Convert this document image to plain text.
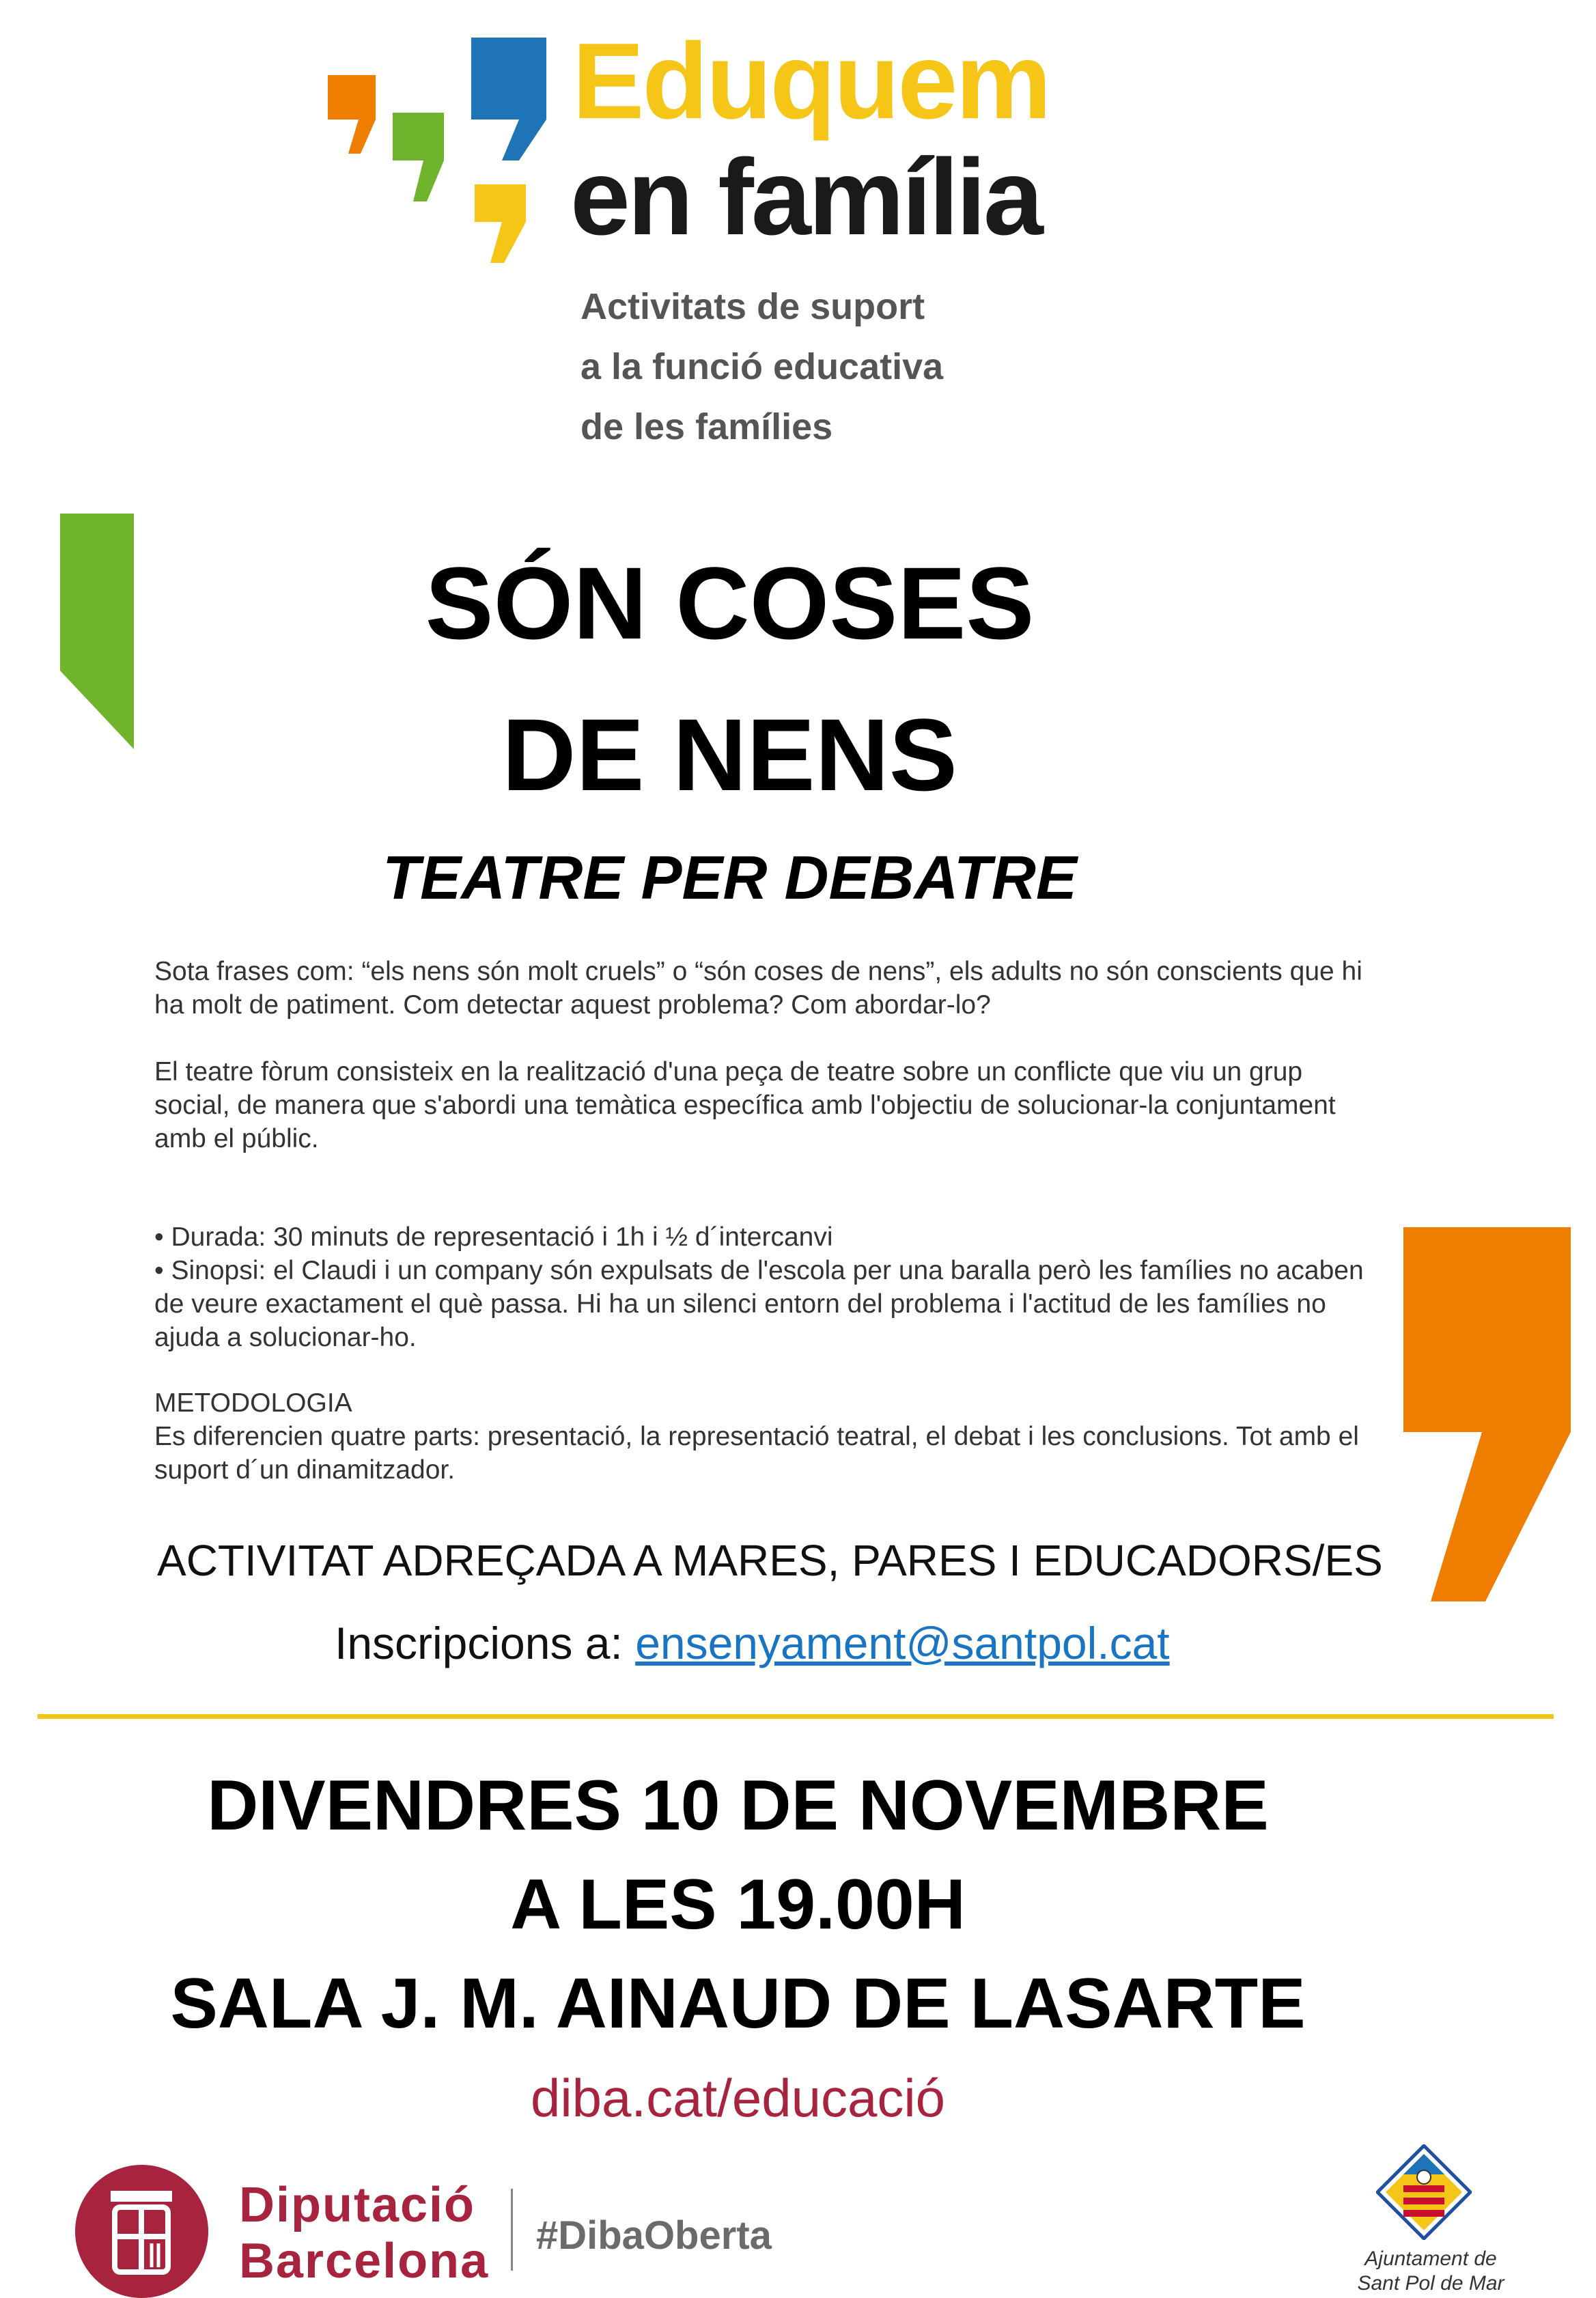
Eduquem
en família
Activitats de suport
a la funció educativa
de les famílies
SÓN COSES
DE NENS
TEATRE PER DEBATRE

Sota frases com: “els nens són molt cruels” o “són coses de nens”, els adults no són conscients que hi ha molt de patiment. Com detectar aquest problema? Com abordar-lo?

El teatre fòrum consisteix en la realització d'una peça de teatre sobre un conflicte que viu un grup social, de manera que s'abordi una temàtica específica amb l'objectiu de solucionar-la conjuntament amb el públic.

• Durada: 30 minuts de representació i 1h i ½ d´intercanvi
• Sinopsi: el Claudi i un company són expulsats de l'escola per una baralla però les famílies no acaben de veure exactament el què passa. Hi ha un silenci entorn del problema i l'actitud de les famílies no ajuda a solucionar-ho.
METODOLOGIA
Es diferencien quatre parts: presentació, la representació teatral, el debat i les conclusions. Tot amb el suport d´un dinamitzador.
ACTIVITAT ADREÇADA A MARES, PARES I EDUCADORS/ES
Inscripcions a: ensenyament@santpol.cat
DIVENDRES 10 DE NOVEMBRE
A LES 19.00H
SALA J. M. AINAUD DE LASARTE
diba.cat/educació
Diputació
Barcelona #DibaOberta
Ajuntament de
Sant Pol de Mar
